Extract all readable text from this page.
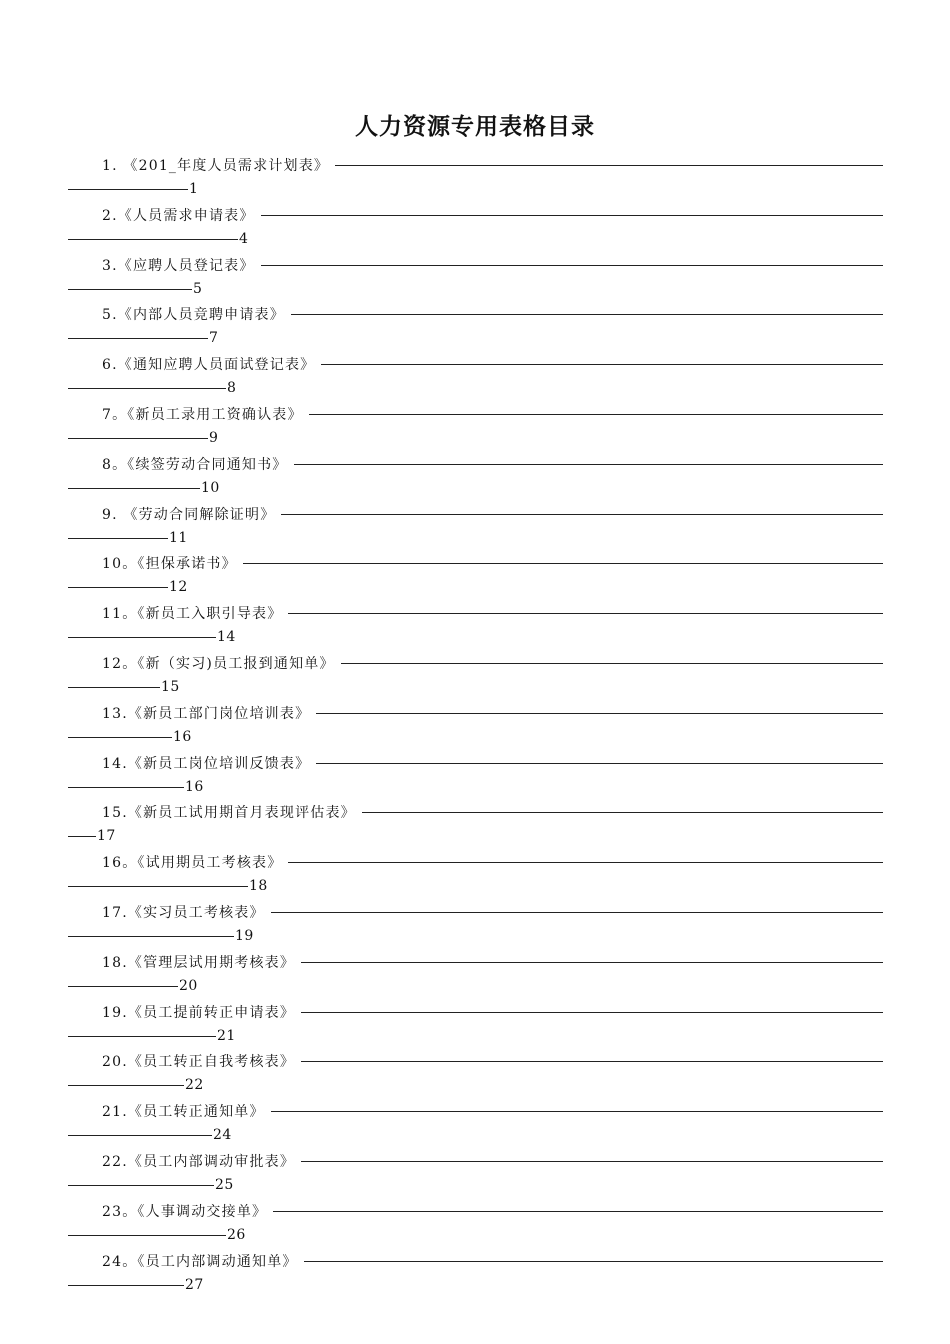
人力资源专用表格目录
1. 《201_年度人员需求计划表》
1
2.《人员需求申请表》
4
3.《应聘人员登记表》
5
5.《内部人员竞聘申请表》
7
6.《通知应聘人员面试登记表》
8
7。《新员工录用工资确认表》
9
8。《续签劳动合同通知书》
10
9. 《劳动合同解除证明》
11
10。《担保承诺书》
12
11。《新员工入职引导表》
14
12。《新（实习)员工报到通知单》
15
13.《新员工部门岗位培训表》
16
14.《新员工岗位培训反馈表》
16
15.《新员工试用期首月表现评估表》
17
16。《试用期员工考核表》
18
17.《实习员工考核表》
19
18.《管理层试用期考核表》
20
19.《员工提前转正申请表》
21
20.《员工转正自我考核表》
22
21.《员工转正通知单》
24
22.《员工内部调动审批表》
25
23。《人事调动交接单》
26
24。《员工内部调动通知单》
27
